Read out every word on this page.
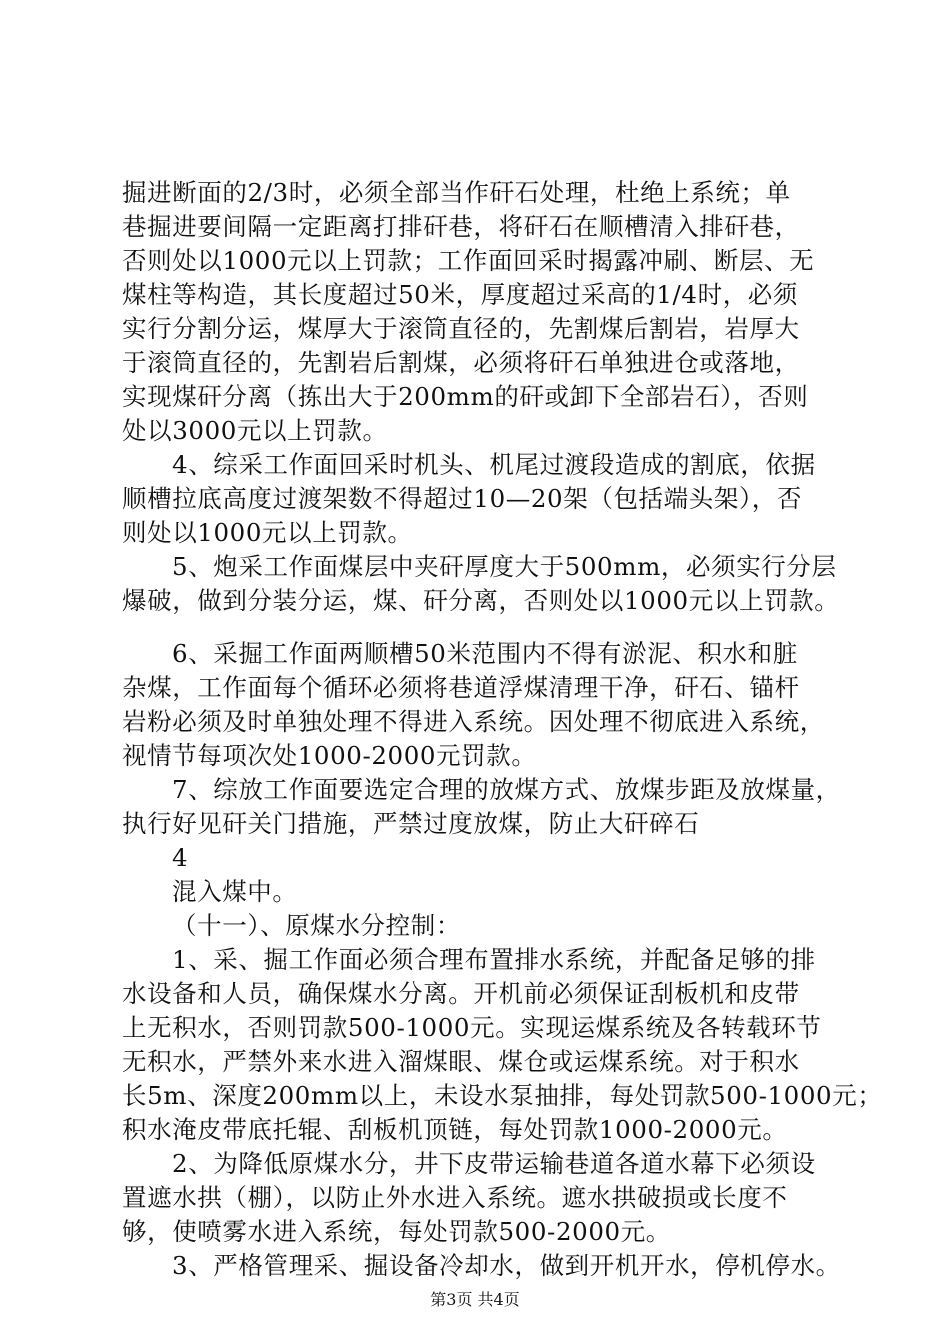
掘进断面的2/3时，必须全部当作矸石处理，杜绝上系统；单
巷掘进要间隔一定距离打排矸巷，将矸石在顺槽清入排矸巷，
否则处以1000元以上罚款；工作面回采时揭露冲刷、断层、无
煤柱等构造，其长度超过50米，厚度超过采高的1/4时，必须
实行分割分运，煤厚大于滚筒直径的，先割煤后割岩，岩厚大
于滚筒直径的，先割岩后割煤，必须将矸石单独进仓或落地，
实现煤矸分离（拣出大于200mm的矸或卸下全部岩石），否则
处以3000元以上罚款。
4、综采工作面回采时机头、机尾过渡段造成的割底，依据
顺槽拉底高度过渡架数不得超过10—20架（包括端头架），否
则处以1000元以上罚款。
5、炮采工作面煤层中夹矸厚度大于500mm，必须实行分层
爆破，做到分装分运，煤、矸分离，否则处以1000元以上罚款。
6、采掘工作面两顺槽50米范围内不得有淤泥、积水和脏
杂煤，工作面每个循环必须将巷道浮煤清理干净，矸石、锚杆
岩粉必须及时单独处理不得进入系统。因处理不彻底进入系统，
视情节每项次处1000-2000元罚款。
7、综放工作面要选定合理的放煤方式、放煤步距及放煤量，
执行好见矸关门措施，严禁过度放煤，防止大矸碎石
4
混入煤中。
（十一）、原煤水分控制：
1、采、掘工作面必须合理布置排水系统，并配备足够的排
水设备和人员，确保煤水分离。开机前必须保证刮板机和皮带
上无积水，否则罚款500-1000元。实现运煤系统及各转载环节
无积水，严禁外来水进入溜煤眼、煤仓或运煤系统。对于积水
长5m、深度200mm以上，未设水泵抽排，每处罚款500-1000元；
积水淹皮带底托辊、刮板机顶链，每处罚款1000-2000元。
2、为降低原煤水分，井下皮带运输巷道各道水幕下必须设
置遮水拱（棚），以防止外水进入系统。遮水拱破损或长度不
够，使喷雾水进入系统，每处罚款500-2000元。
3、严格管理采、掘设备冷却水，做到开机开水，停机停水。
第3页 共4页
